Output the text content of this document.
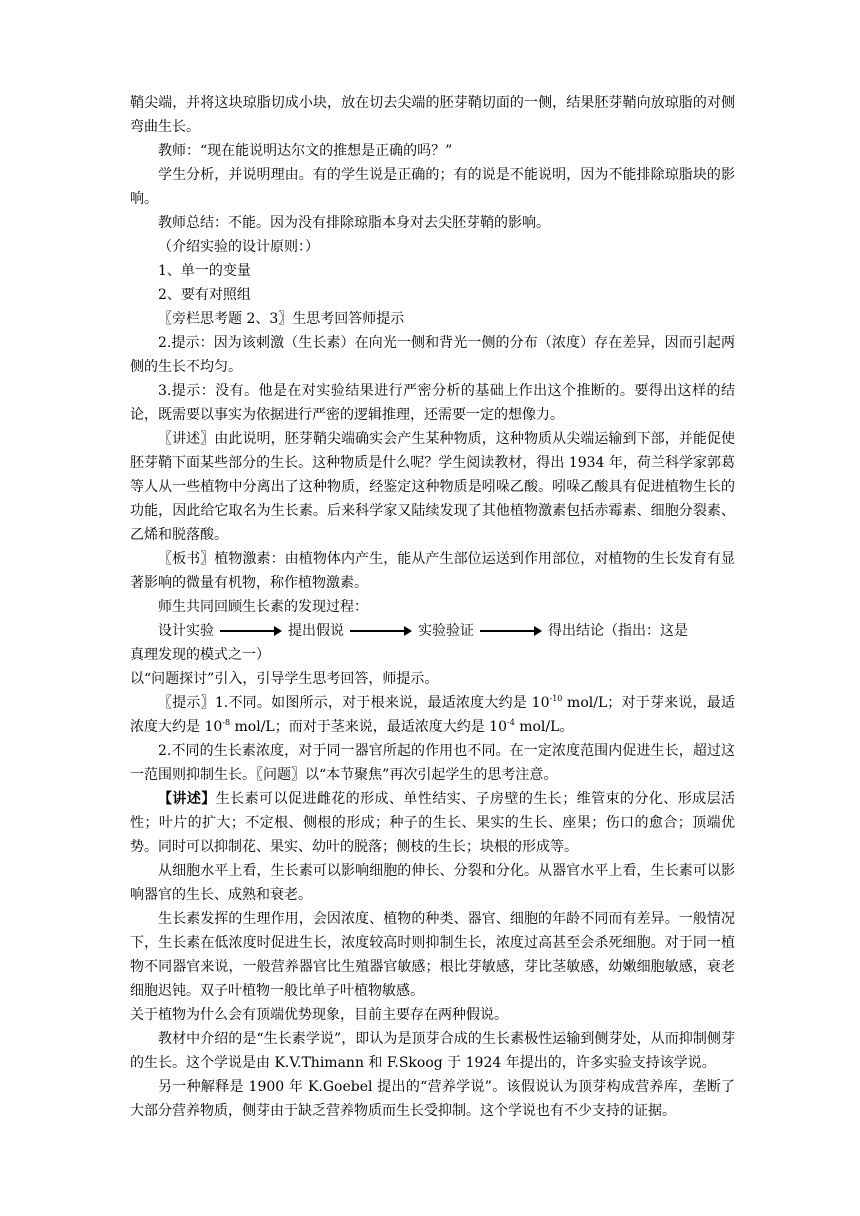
鞘尖端，并将这块琼脂切成小块，放在切去尖端的胚芽鞘切面的一侧，结果胚芽鞘向放琼脂的对侧弯曲生长。

教师：“现在能说明达尔文的推想是正确的吗？”

学生分析，并说明理由。有的学生说是正确的；有的说是不能说明，因为不能排除琼脂块的影响。

教师总结：不能。因为没有排除琼脂本身对去尖胚芽鞘的影响。

（介绍实验的设计原则：）

1、单一的变量

2、要有对照组

〖旁栏思考题 2、3〗生思考回答师提示

2.提示：因为该刺激（生长素）在向光一侧和背光一侧的分布（浓度）存在差异，因而引起两侧的生长不均匀。

3.提示：没有。他是在对实验结果进行严密分析的基础上作出这个推断的。要得出这样的结论，既需要以事实为依据进行严密的逻辑推理，还需要一定的想像力。

〖讲述〗由此说明，胚芽鞘尖端确实会产生某种物质，这种物质从尖端运输到下部，并能促使胚芽鞘下面某些部分的生长。这种物质是什么呢？学生阅读教材，得出 1934 年，荷兰科学家郭葛等人从一些植物中分离出了这种物质，经鉴定这种物质是吲哚乙酸。吲哚乙酸具有促进植物生长的功能，因此给它取名为生长素。后来科学家又陆续发现了其他植物激素包括赤霉素、细胞分裂素、乙烯和脱落酸。

〖板书〗植物激素：由植物体内产生，能从产生部位运送到作用部位，对植物的生长发育有显著影响的微量有机物，称作植物激素。

师生共同回顾生长素的发现过程：

设计实验	提出假说	实验验证	得出结论（指出：这是

真理发现的模式之一）

以“问题探讨”引入，引导学生思考回答，师提示。

〖提示〗1.不同。如图所示，对于根来说，最适浓度大约是 $10^{-10}$ mol/L；对于芽来说，最适浓度大约是 $10^{-8}$ mol/L；而对于茎来说，最适浓度大约是 $10^{-4}$ mol/L。

2.不同的生长素浓度，对于同一器官所起的作用也不同。在一定浓度范围内促进生长，超过这一范围则抑制生长。〖问题〗以“本节聚焦”再次引起学生的思考注意。

【讲述】生长素可以促进雌花的形成、单性结实、子房壁的生长；维管束的分化、形成层活性；叶片的扩大；不定根、侧根的形成；种子的生长、果实的生长、座果；伤口的愈合；顶端优势。同时可以抑制花、果实、幼叶的脱落；侧枝的生长；块根的形成等。

从细胞水平上看，生长素可以影响细胞的伸长、分裂和分化。从器官水平上看，生长素可以影响器官的生长、成熟和衰老。

生长素发挥的生理作用，会因浓度、植物的种类、器官、细胞的年龄不同而有差异。一般情况下，生长素在低浓度时促进生长，浓度较高时则抑制生长，浓度过高甚至会杀死细胞。对于同一植物不同器官来说，一般营养器官比生殖器官敏感；根比芽敏感，芽比茎敏感，幼嫩细胞敏感，衰老细胞迟钝。双子叶植物一般比单子叶植物敏感。

关于植物为什么会有顶端优势现象，目前主要存在两种假说。

教材中介绍的是“生长素学说”，即认为是顶芽合成的生长素极性运输到侧芽处，从而抑制侧芽的生长。这个学说是由 K.V.Thimann 和 F.Skoog 于 1924 年提出的，许多实验支持该学说。

另一种解释是 1900 年 K.Goebel 提出的“营养学说”。该假说认为顶芽构成营养库，垄断了大部分营养物质，侧芽由于缺乏营养物质而生长受抑制。这个学说也有不少支持的证据。
